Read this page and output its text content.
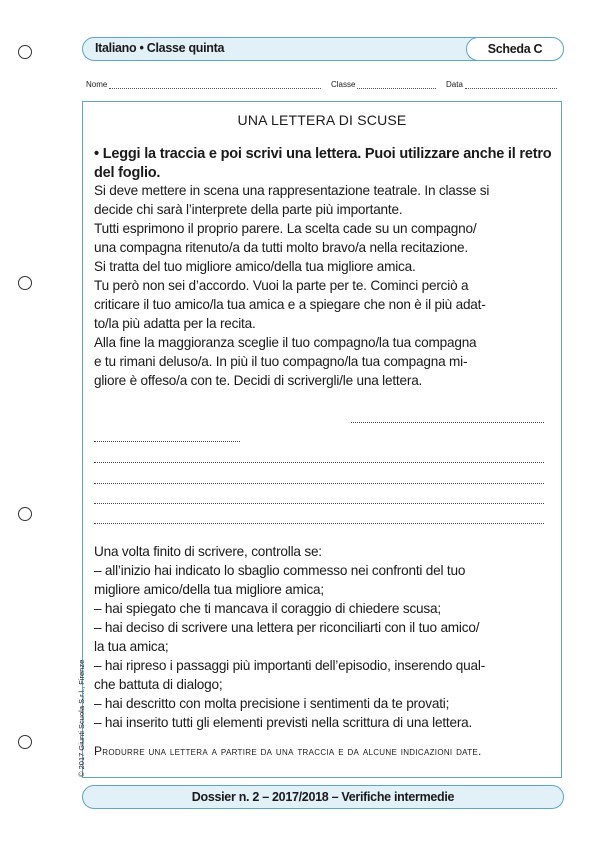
Italiano • Classe quinta	Scheda C
Nome	Classe	Data
UNA LETTERA DI SCUSE
• Leggi la traccia e poi scrivi una lettera. Puoi utilizzare anche il retro del foglio.
Si deve mettere in scena una rappresentazione teatrale. In classe si
decide chi sarà l’interprete della parte più importante.
Tutti esprimono il proprio parere. La scelta cade su un compagno/
una compagna ritenuto/a da tutti molto bravo/a nella recitazione.
Si tratta del tuo migliore amico/della tua migliore amica.
Tu però non sei d’accordo. Vuoi la parte per te. Cominci perciò a
criticare il tuo amico/la tua amica e a spiegare che non è il più adat-
to/la più adatta per la recita.
Alla fine la maggioranza sceglie il tuo compagno/la tua compagna
e tu rimani deluso/a. In più il tuo compagno/la tua compagna mi-
gliore è offeso/a con te. Decidi di scrivergli/le una lettera.
Una volta finito di scrivere, controlla se:
– all’inizio hai indicato lo sbaglio commesso nei confronti del tuo
migliore amico/della tua migliore amica;
– hai spiegato che ti mancava il coraggio di chiedere scusa;
– hai deciso di scrivere una lettera per riconciliarti con il tuo amico/
la tua amica;
– hai ripreso i passaggi più importanti dell’episodio, inserendo qual-
che battuta di dialogo;
– hai descritto con molta precisione i sentimenti da te provati;
– hai inserito tutti gli elementi previsti nella scrittura di una lettera.
Produrre una lettera a partire da una traccia e da alcune indicazioni date.
© 2017 Giunti Scuola S.r.l., Firenze
Dossier n. 2 – 2017/2018 – Verifiche intermedie
